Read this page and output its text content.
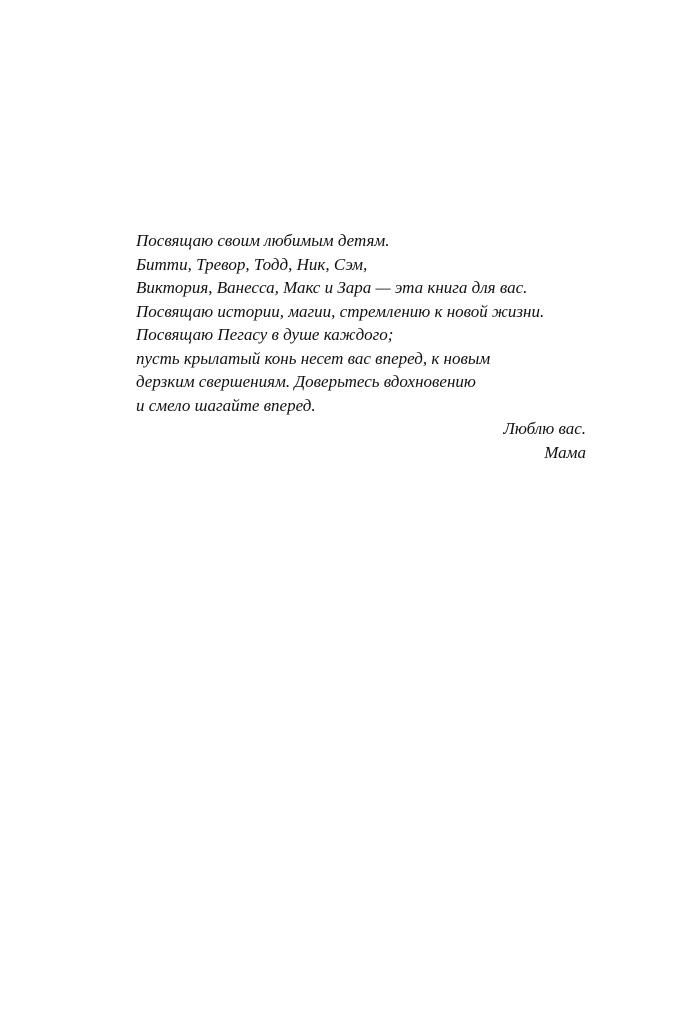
Посвящаю своим любимым детям.
Битти, Тревор, Тодд, Ник, Сэм,
Виктория, Ванесса, Макс и Зара — эта книга для вас.
Посвящаю истории, магии, стремлению к новой жизни.
Посвящаю Пегасу в душе каждого;
пусть крылатый конь несет вас вперед, к новым
дерзким свершениям. Доверьтесь вдохновению
и смело шагайте вперед.
Люблю вас.
Мама
